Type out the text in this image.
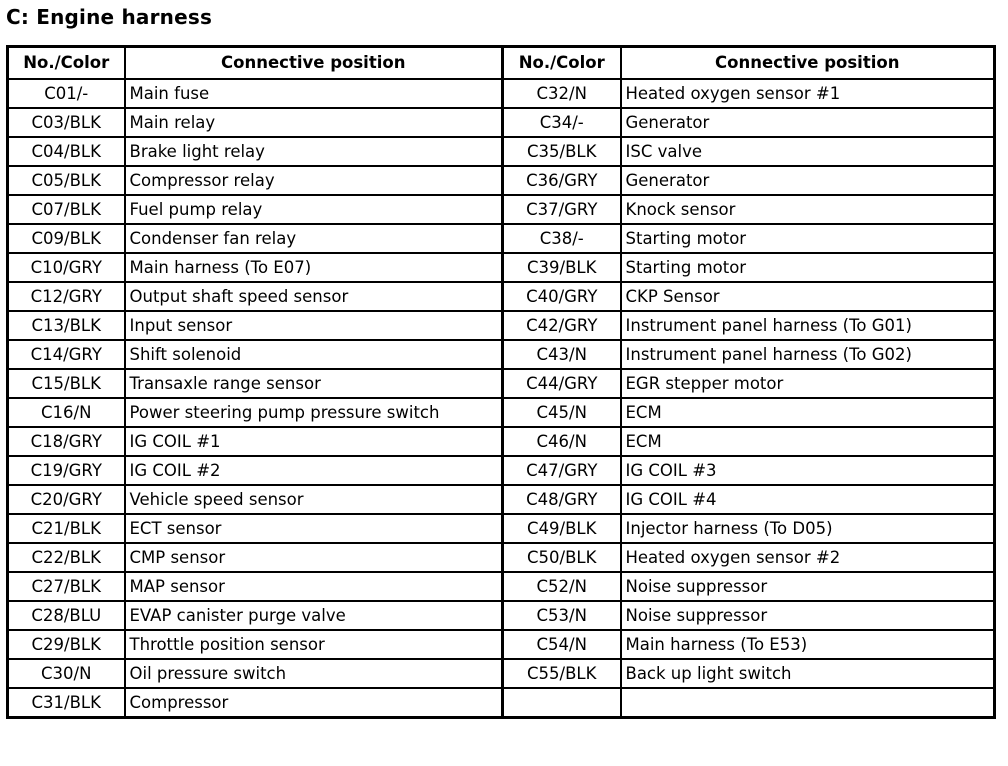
C: Engine harness
No./Color	Connective position	No./Color	Connective position
C01/-	Main fuse	C32/N	Heated oxygen sensor #1
C03/BLK	Main relay	C34/-	Generator
C04/BLK	Brake light relay	C35/BLK	ISC valve
C05/BLK	Compressor relay	C36/GRY	Generator
C07/BLK	Fuel pump relay	C37/GRY	Knock sensor
C09/BLK	Condenser fan relay	C38/-	Starting motor
C10/GRY	Main harness (To E07)	C39/BLK	Starting motor
C12/GRY	Output shaft speed sensor	C40/GRY	CKP Sensor
C13/BLK	Input sensor	C42/GRY	Instrument panel harness (To G01)
C14/GRY	Shift solenoid	C43/N	Instrument panel harness (To G02)
C15/BLK	Transaxle range sensor	C44/GRY	EGR stepper motor
C16/N	Power steering pump pressure switch	C45/N	ECM
C18/GRY	IG COIL #1	C46/N	ECM
C19/GRY	IG COIL #2	C47/GRY	IG COIL #3
C20/GRY	Vehicle speed sensor	C48/GRY	IG COIL #4
C21/BLK	ECT sensor	C49/BLK	Injector harness (To D05)
C22/BLK	CMP sensor	C50/BLK	Heated oxygen sensor #2
C27/BLK	MAP sensor	C52/N	Noise suppressor
C28/BLU	EVAP canister purge valve	C53/N	Noise suppressor
C29/BLK	Throttle position sensor	C54/N	Main harness (To E53)
C30/N	Oil pressure switch	C55/BLK	Back up light switch
C31/BLK	Compressor		
